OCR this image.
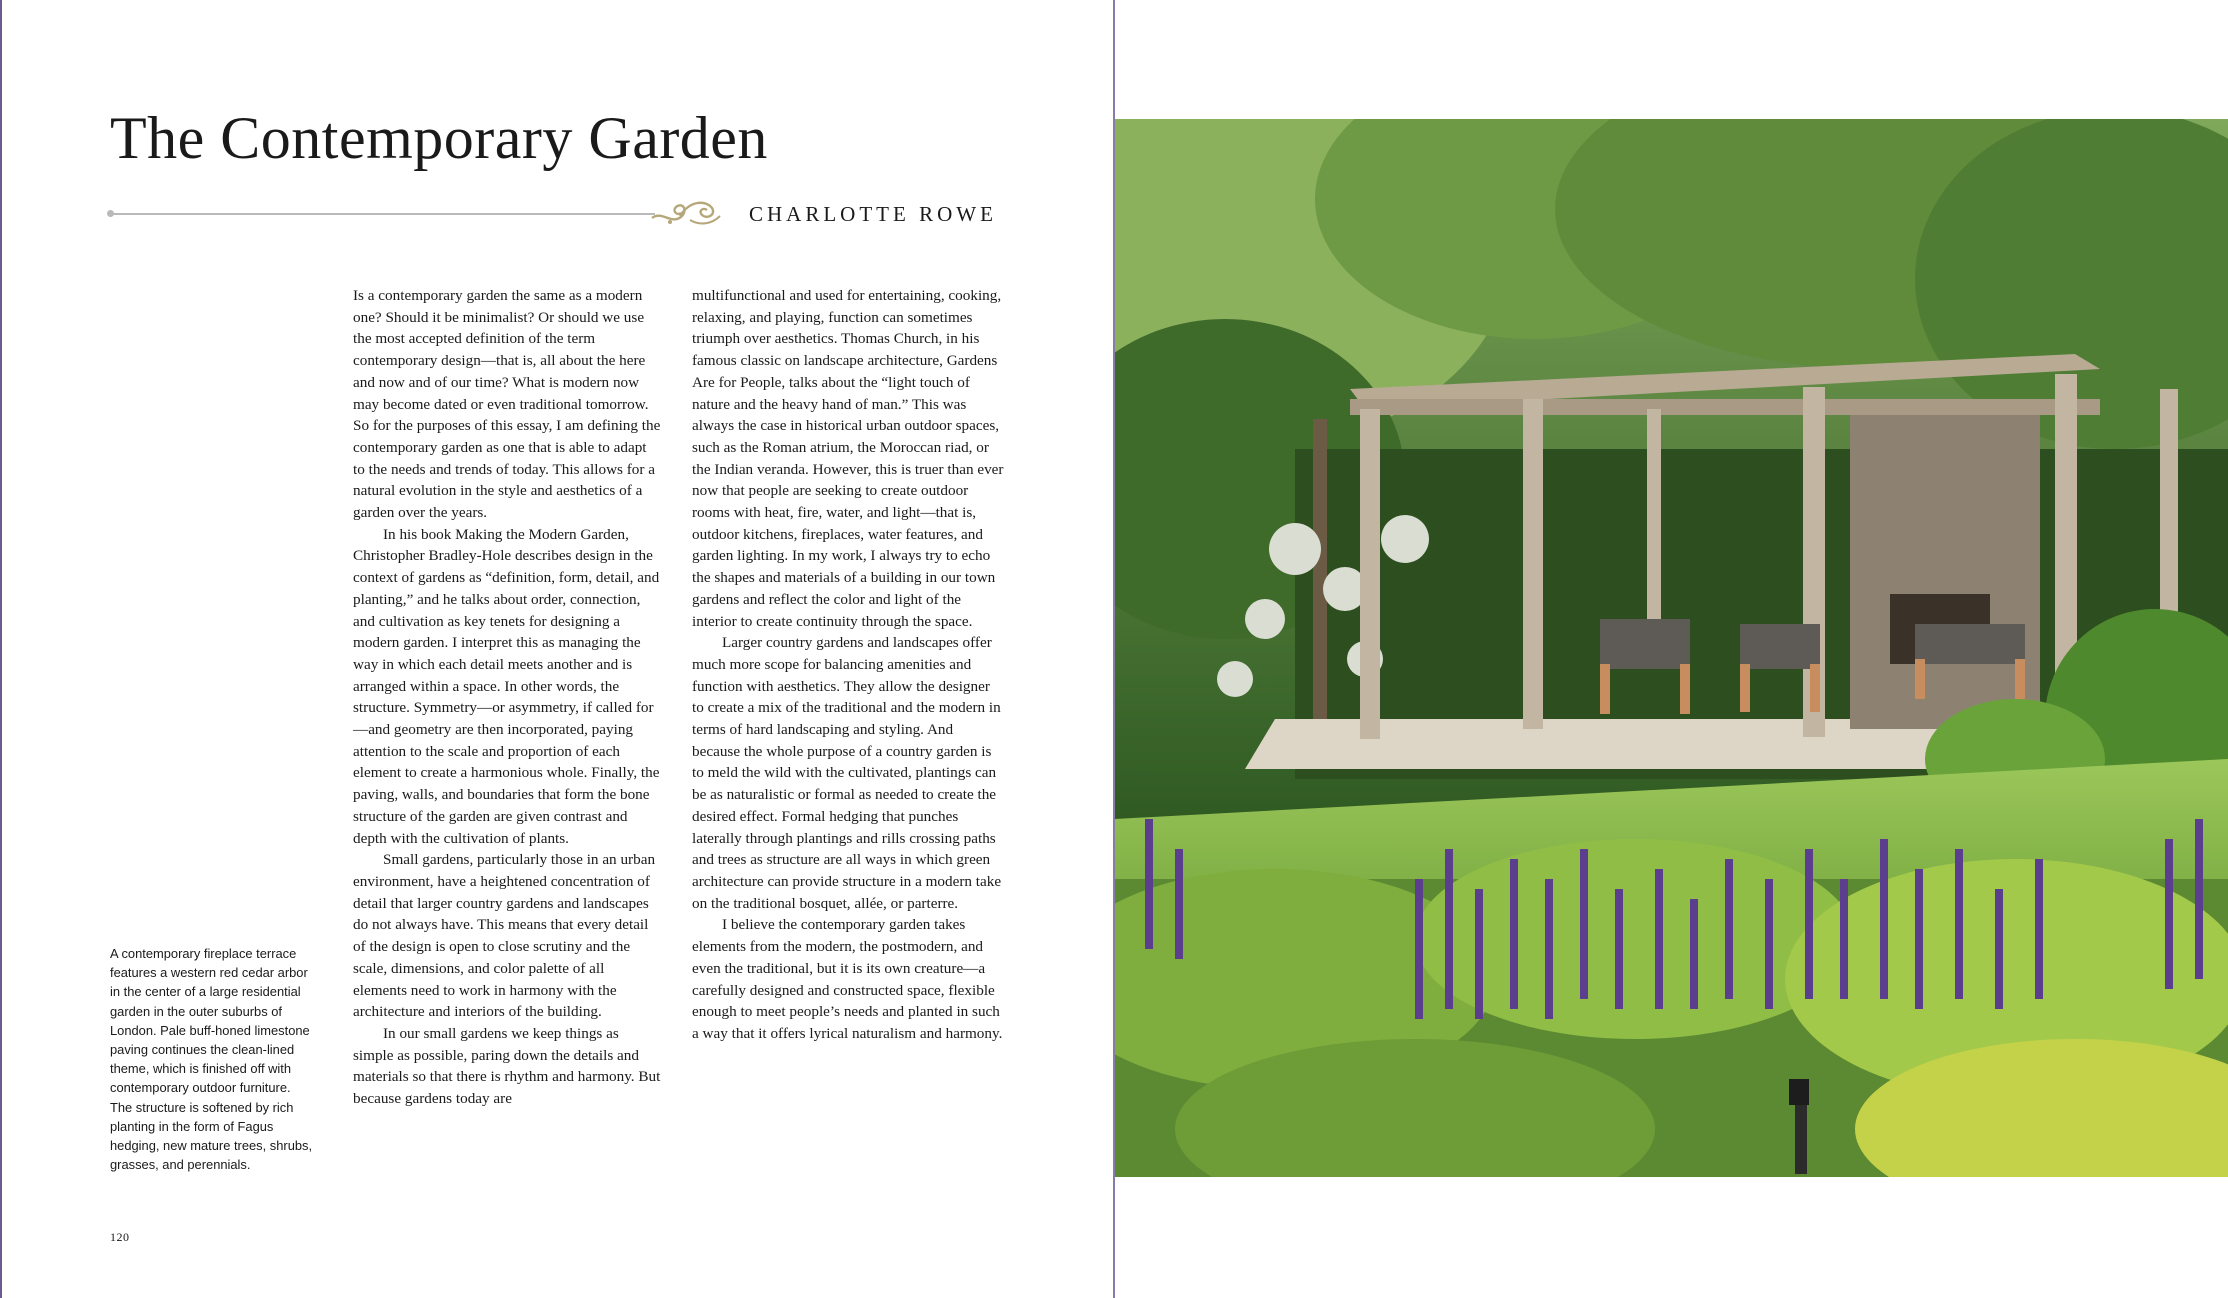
The Contemporary Garden
CHARLOTTE ROWE

Is a contemporary garden the same as a modern one? Should it be minimalist? Or should we use the most accepted definition of the term contemporary design—that is, all about the here and now and of our time? What is modern now may become dated or even traditional tomorrow. So for the purposes of this essay, I am defining the contemporary garden as one that is able to adapt to the needs and trends of today. This allows for a natural evolution in the style and aesthetics of a garden over the years.

In his book Making the Modern Garden, Christopher Bradley-Hole describes design in the context of gardens as “definition, form, detail, and planting,” and he talks about order, connection, and cultivation as key tenets for designing a modern garden. I interpret this as managing the way in which each detail meets another and is arranged within a space. In other words, the structure. Symmetry—or asymmetry, if called for—and geometry are then incorporated, paying attention to the scale and proportion of each element to create a harmonious whole. Finally, the paving, walls, and boundaries that form the bone structure of the garden are given contrast and depth with the cultivation of plants.

Small gardens, particularly those in an urban environment, have a heightened concentration of detail that larger country gardens and landscapes do not always have. This means that every detail of the design is open to close scrutiny and the scale, dimensions, and color palette of all elements need to work in harmony with the architecture and interiors of the building.

In our small gardens we keep things as simple as possible, paring down the details and materials so that there is rhythm and harmony. But because gardens today are

multifunctional and used for entertaining, cooking, relaxing, and playing, function can sometimes triumph over aesthetics. Thomas Church, in his famous classic on landscape architecture, Gardens Are for People, talks about the “light touch of nature and the heavy hand of man.” This was always the case in historical urban outdoor spaces, such as the Roman atrium, the Moroccan riad, or the Indian veranda. However, this is truer than ever now that people are seeking to create outdoor rooms with heat, fire, water, and light—that is, outdoor kitchens, fireplaces, water features, and garden lighting. In my work, I always try to echo the shapes and materials of a building in our town gardens and reflect the color and light of the interior to create continuity through the space.

Larger country gardens and landscapes offer much more scope for balancing amenities and function with aesthetics. They allow the designer to create a mix of the traditional and the modern in terms of hard landscaping and styling. And because the whole purpose of a country garden is to meld the wild with the cultivated, plantings can be as naturalistic or formal as needed to create the desired effect. Formal hedging that punches laterally through plantings and rills crossing paths and trees as structure are all ways in which green architecture can provide structure in a modern take on the traditional bosquet, allée, or parterre.

I believe the contemporary garden takes elements from the modern, the postmodern, and even the traditional, but it is its own creature—a carefully designed and constructed space, flexible enough to meet people’s needs and planted in such a way that it offers lyrical naturalism and harmony.

A contemporary fireplace terrace features a western red cedar arbor in the center of a large residential garden in the outer suburbs of London. Pale buff-honed limestone paving continues the clean-lined theme, which is finished off with contemporary outdoor furniture. The structure is softened by rich planting in the form of Fagus hedging, new mature trees, shrubs, grasses, and perennials.

120
